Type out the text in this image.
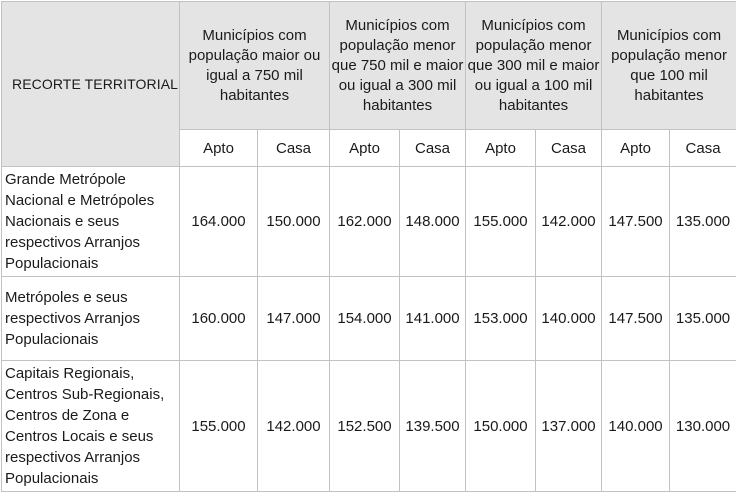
RECORTE TERRITORIAL	Municípios com população maior ou igual a 750 mil habitantes		Municípios com população menor que 750 mil e maior ou igual a 300 mil habitantes		Municípios com população menor que 300 mil e maior ou igual a 100 mil habitantes		Municípios com população menor que 100 mil habitantes	
	Apto	Casa	Apto	Casa	Apto	Casa	Apto	Casa
Grande Metrópole Nacional e Metrópoles Nacionais e seus respectivos Arranjos Populacionais	164.000	150.000	162.000	148.000	155.000	142.000	147.500	135.000
Metrópoles e seus respectivos Arranjos Populacionais	160.000	147.000	154.000	141.000	153.000	140.000	147.500	135.000
Capitais Regionais, Centros Sub-Regionais, Centros de Zona e Centros Locais e seus respectivos Arranjos Populacionais	155.000	142.000	152.500	139.500	150.000	137.000	140.000	130.000
